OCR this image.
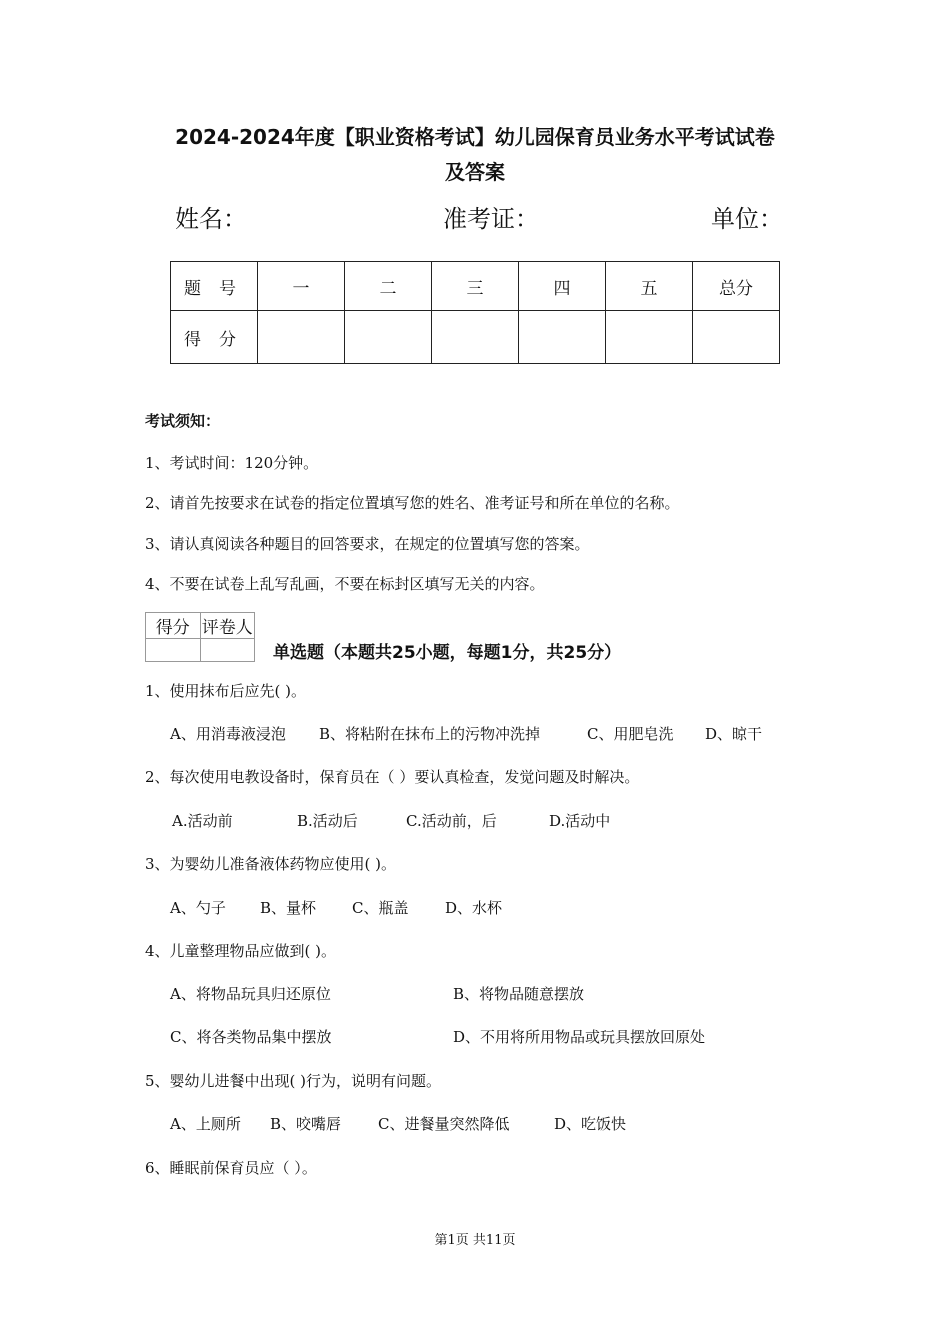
2024-2024年度【职业资格考试】幼儿园保育员业务水平考试试卷
及答案
姓名：	准考证：	单位：
题号	一	二	三	四	五	总分
得分						
考试须知：
1、考试时间：120分钟。
2、请首先按要求在试卷的指定位置填写您的姓名、准考证号和所在单位的名称。
3、请认真阅读各种题目的回答要求，在规定的位置填写您的答案。
4、不要在试卷上乱写乱画，不要在标封区填写无关的内容。
得分	评卷人

单选题（本题共25小题，每题1分，共25分）
1、使用抹布后应先( )。
A、用消毒液浸泡 B、将粘附在抹布上的污物冲洗掉	C、用肥皂洗 D、晾干
2、每次使用电教设备时，保育员在（ ）要认真检查，发觉问题及时解决。
A.活动前	B.活动后	C.活动前，后	D.活动中
3、为婴幼儿准备液体药物应使用( )。
A、勺子 B、量杯 C、瓶盖 D、水杯
4、儿童整理物品应做到( )。
A、将物品玩具归还原位	B、将物品随意摆放
C、将各类物品集中摆放	D、不用将所用物品或玩具摆放回原处
5、婴幼儿进餐中出现( )行为，说明有问题。
A、上厕所 B、咬嘴唇 C、进餐量突然降低	D、吃饭快
6、睡眠前保育员应（ ）。
第1页 共11页
